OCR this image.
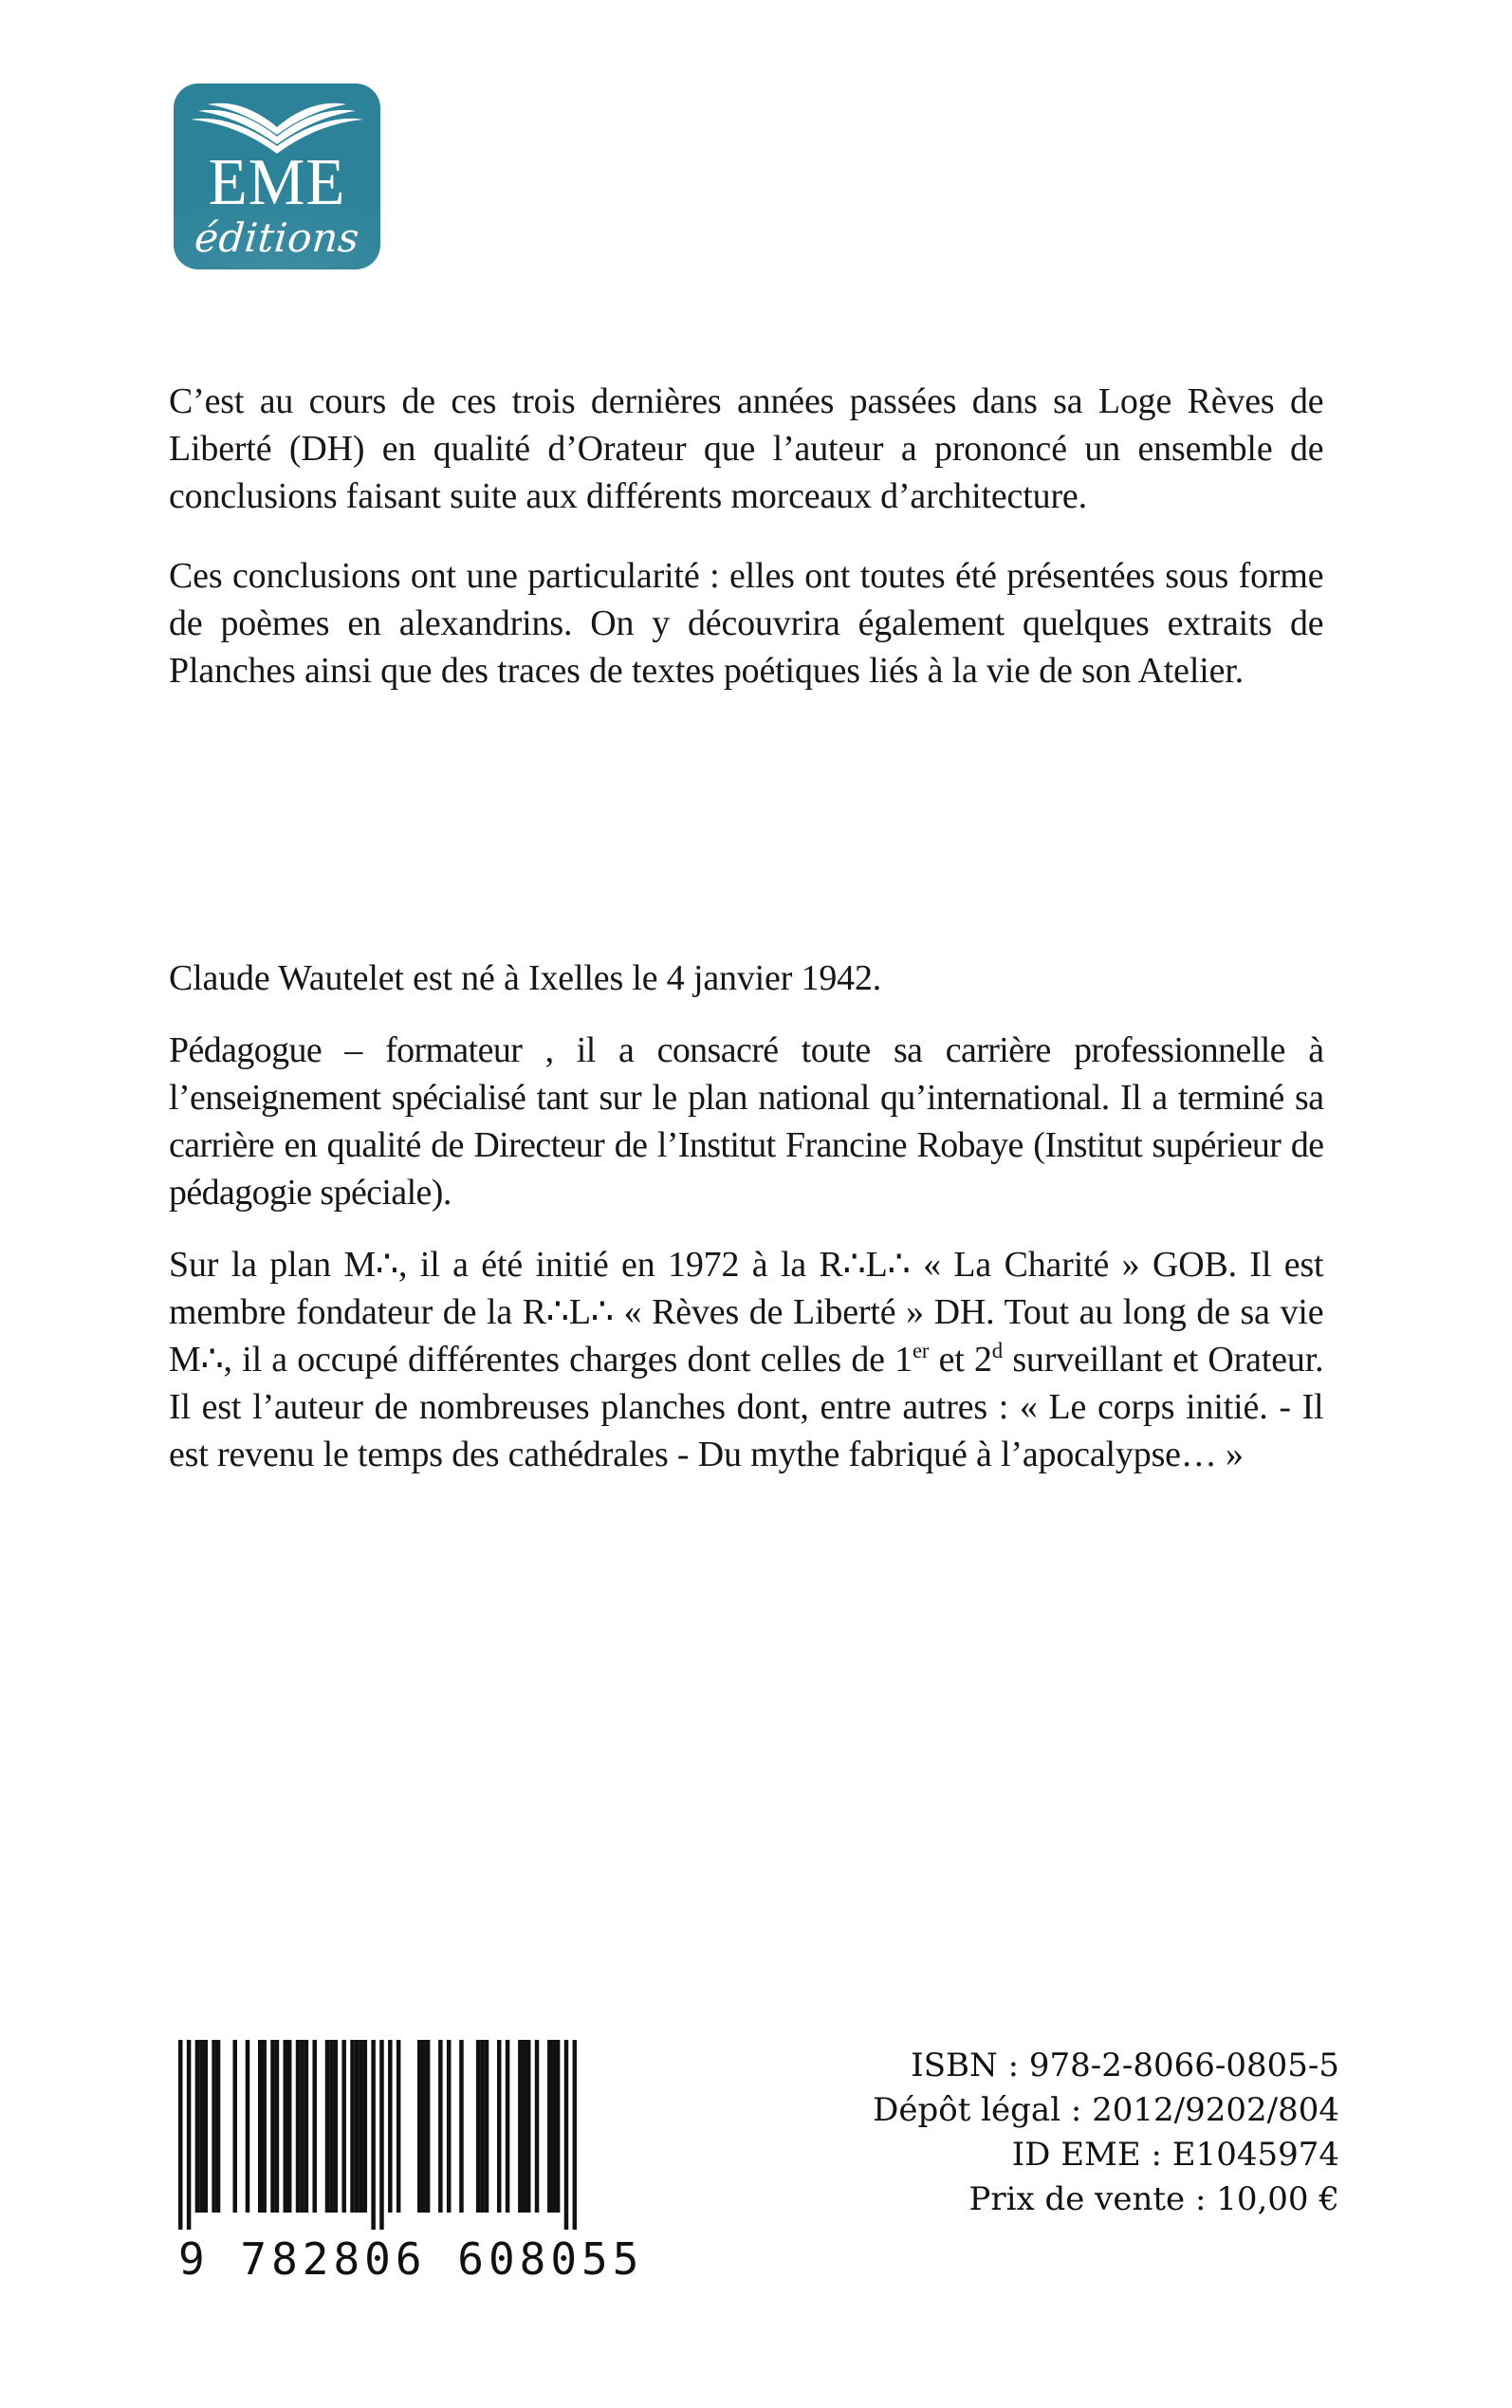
EME
éditions

C’est au cours de ces trois dernières années passées dans sa Loge Rèves de Liberté (DH) en qualité d’Orateur que l’auteur a prononcé un ensemble de conclusions faisant suite aux différents morceaux d’architecture.

Ces conclusions ont une particularité : elles ont toutes été présentées sous forme de poèmes en alexandrins. On y découvrira également quelques extraits de Planches ainsi que des traces de textes poétiques liés à la vie de son Atelier.

Claude Wautelet est né à Ixelles le 4 janvier 1942.

Pédagogue – formateur , il a consacré toute sa carrière professionnelle à l’enseignement spécialisé tant sur le plan national qu’international. Il a terminé sa carrière en qualité de Directeur de l’Institut Francine Robaye (Institut supérieur de pédagogie spéciale).

Sur la plan M∴, il a été initié en 1972 à la R∴L∴ « La Charité » GOB. Il est membre fondateur de la R∴L∴ « Rèves de Liberté » DH. Tout au long de sa vie M∴, il a occupé différentes charges dont celles de 1er et 2$^d$ surveillant et Orateur. Il est l’auteur de nombreuses planches dont, entre autres : « Le corps initié. - Il est revenu le temps des cathédrales - Du mythe fabriqué à l’apocalypse… »

9 782806 608055
ISBN : 978-2-8066-0805-5
Dépôt légal : 2012/9202/804
ID EME : E1045974
Prix de vente : 10,00 €
